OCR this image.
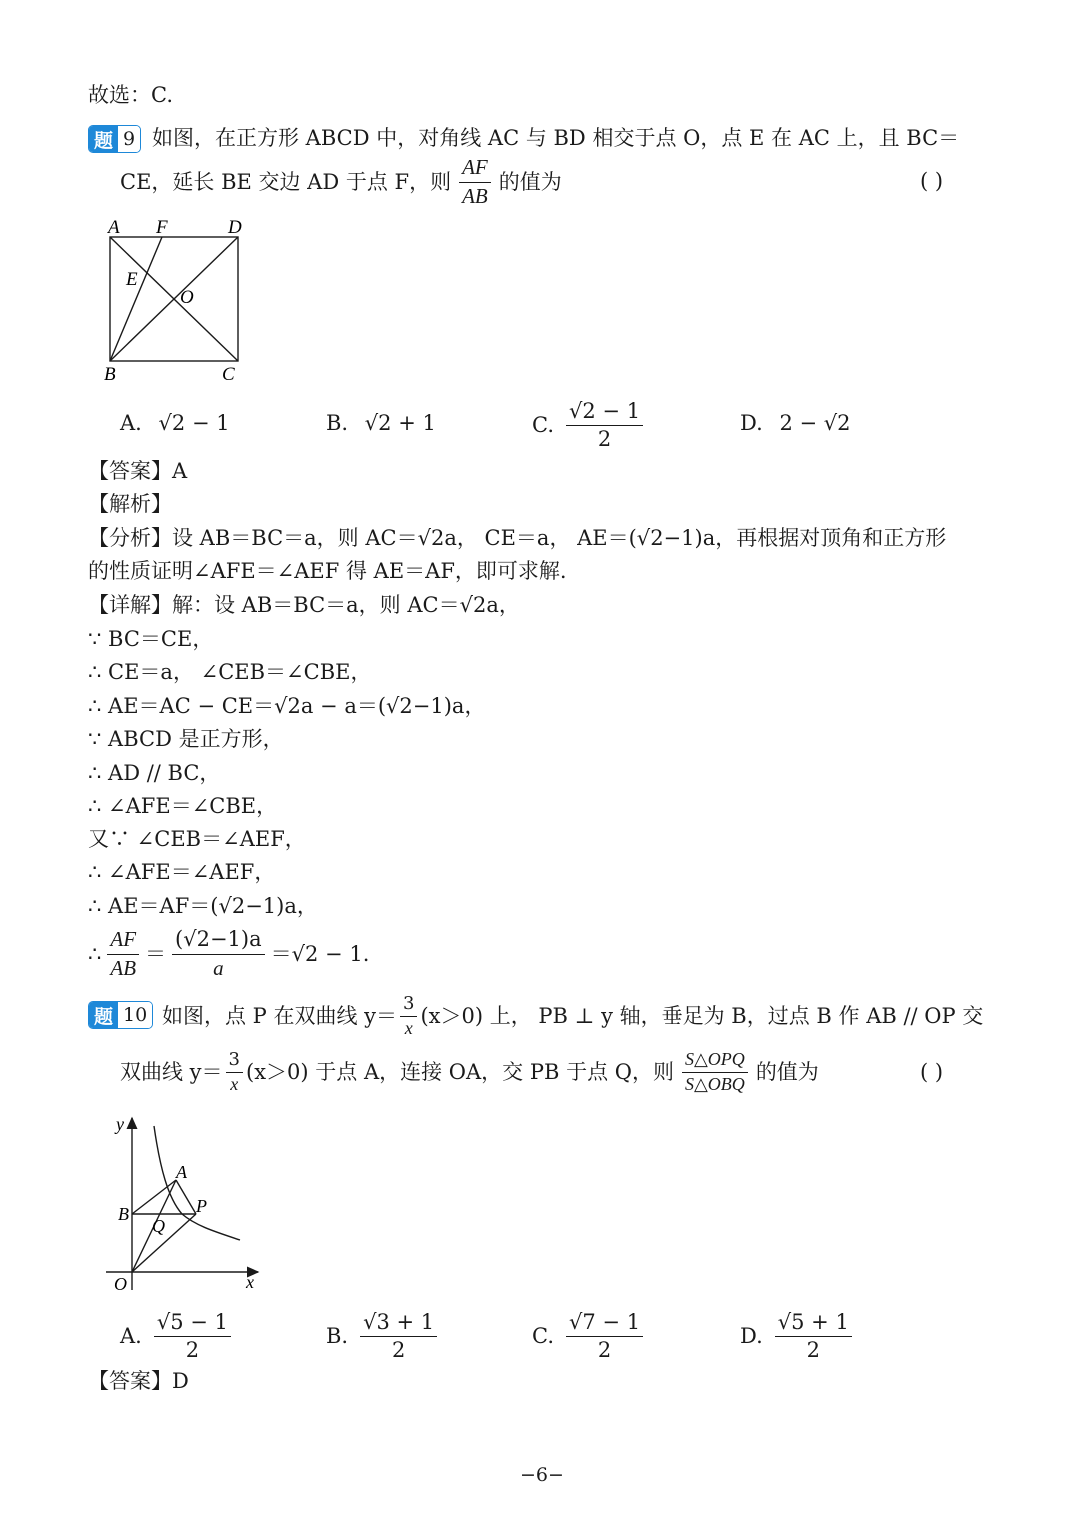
故选：C.
题 9 如图，在正方形 ABCD 中，对角线 AC 与 BD 相交于点 O，点 E 在 AC 上，且 BC＝
CE，延长 BE 交边 AD 于点 F，则 $\frac{AF}{AB}$ 的值为	( )
A F	D
E
O
B	C
A. √2 − 1	B. √2 + 1	C. $\frac{√2 - 1}{2}$	D. 2 − √2
【答案】A
【解析】
【分析】设 AB＝BC＝a，则 AC＝√2a， CE＝a， AE＝(√2−1)a，再根据对顶角和正方形
的性质证明∠AFE＝∠AEF 得 AE＝AF，即可求解.
【详解】解：设 AB＝BC＝a，则 AC＝√2a，
∵ BC＝CE，
∴ CE＝a， ∠CEB＝∠CBE，
∴ AE＝AC − CE＝√2a − a＝(√2−1)a，
∵ ABCD 是正方形，
∴ AD // BC，
∴ ∠AFE＝∠CBE，
又∵ ∠CEB＝∠AEF，
∴ ∠AFE＝∠AEF，
∴ AE＝AF＝(√2−1)a，
∴ $\frac{AF}{AB} = \frac{(√2-1)a}{a} =√2 - 1$.
题 10 如图，点 P 在双曲线 $y= \frac{3}{x} (x>0)$ 上， PB ⊥ y 轴，垂足为 B，过点 B 作 AB // OP 交
双曲线 $y= \frac{3}{x} (x>0)$ 于点 A，连接 OA，交 PB 于点 Q，则 $\frac{\text{S△OPQ}}{\text{S△OBQ}}$ 的值为	( )
y
x
O
A
B	P
Q
A. $\frac{√5 - 1}{2}$	B. $\frac{√3 + 1}{2}$	C. $\frac{√7 - 1}{2}$	D. $\frac{√5 + 1}{2}$
【答案】D
−6−
